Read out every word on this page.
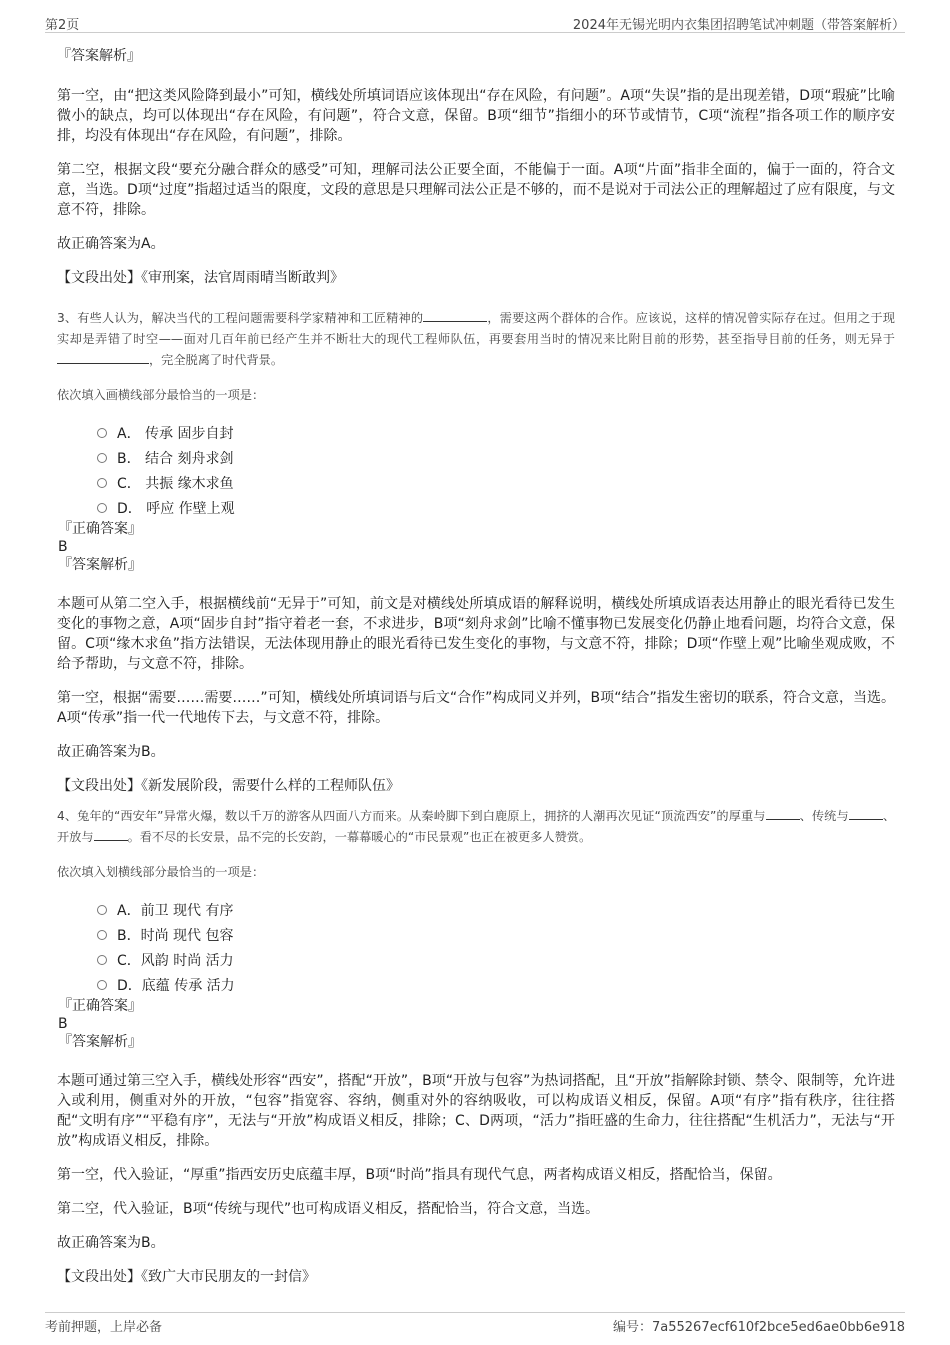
第2页	2024年无锡光明内衣集团招聘笔试冲刺题（带答案解析）

『答案解析』

第一空，由“把这类风险降到最小”可知，横线处所填词语应该体现出“存在风险，有问题”。A项“失误”指的是出现差错，D项“瑕疵”比喻微小的缺点，均可以体现出“存在风险，有问题”，符合文意，保留。B项“细节”指细小的环节或情节，C项“流程”指各项工作的顺序安排，均没有体现出“存在风险，有问题”，排除。

第二空，根据文段“要充分融合群众的感受”可知，理解司法公正要全面，不能偏于一面。A项“片面”指非全面的，偏于一面的，符合文意，当选。D项“过度”指超过适当的限度，文段的意思是只理解司法公正是不够的，而不是说对于司法公正的理解超过了应有限度，与文意不符，排除。

故正确答案为A。

【文段出处】《审刑案，法官周雨晴当断敢判》

3、有些人认为，解决当代的工程问题需要科学家精神和工匠精神的	，需要这两个群体的合作。应该说，这样的情况曾实际存在过。但用之于现实却是弄错了时空——面对几百年前已经产生并不断壮大的现代工程师队伍，再要套用当时的情况来比附目前的形势，甚至指导目前的任务，则无异于 ，完全脱离了时代背景。

依次填入画横线部分最恰当的一项是：

A． 传承 固步自封
B． 结合 刻舟求剑
C． 共振 缘木求鱼
D． 呼应 作壁上观

『正确答案』

B

『答案解析』

本题可从第二空入手，根据横线前“无异于”可知，前文是对横线处所填成语的解释说明，横线处所填成语表达用静止的眼光看待已发生变化的事物之意，A项“固步自封”指守着老一套，不求进步，B项“刻舟求剑”比喻不懂事物已发展变化仍静止地看问题，均符合文意，保留。C项“缘木求鱼”指方法错误，无法体现用静止的眼光看待已发生变化的事物，与文意不符，排除；D项“作壁上观”比喻坐观成败，不给予帮助，与文意不符，排除。

第一空，根据“需要……需要……”可知，横线处所填词语与后文“合作”构成同义并列，B项“结合”指发生密切的联系，符合文意，当选。A项“传承”指一代一代地传下去，与文意不符，排除。

故正确答案为B。

【文段出处】《新发展阶段，需要什么样的工程师队伍》

4、兔年的“西安年”异常火爆，数以千万的游客从四面八方而来。从秦岭脚下到白鹿原上，拥挤的人潮再次见证“顶流西安”的厚重与	、传统与	、开放与	。看不尽的长安景，品不完的长安韵，一幕幕暖心的“市民景观”也正在被更多人赞赏。

依次填入划横线部分最恰当的一项是：

A．前卫 现代 有序
B．时尚 现代 包容
C．风韵 时尚 活力
D．底蕴 传承 活力

『正确答案』

B

『答案解析』

本题可通过第三空入手，横线处形容“西安”，搭配“开放”，B项“开放与包容”为热词搭配，且“开放”指解除封锁、禁令、限制等，允许进入或利用，侧重对外的开放，“包容”指宽容、容纳，侧重对外的容纳吸收，可以构成语义相反，保留。A项“有序”指有秩序，往往搭配“文明有序”“平稳有序”，无法与“开放”构成语义相反，排除；C、D两项，“活力”指旺盛的生命力，往往搭配“生机活力”，无法与“开放”构成语义相反，排除。

第一空，代入验证，“厚重”指西安历史底蕴丰厚，B项“时尚”指具有现代气息，两者构成语义相反，搭配恰当，保留。

第二空，代入验证，B项“传统与现代”也可构成语义相反，搭配恰当，符合文意，当选。

故正确答案为B。

【文段出处】《致广大市民朋友的一封信》

考前押题，上岸必备	编号：7a55267ecf610f2bce5ed6ae0bb6e918
